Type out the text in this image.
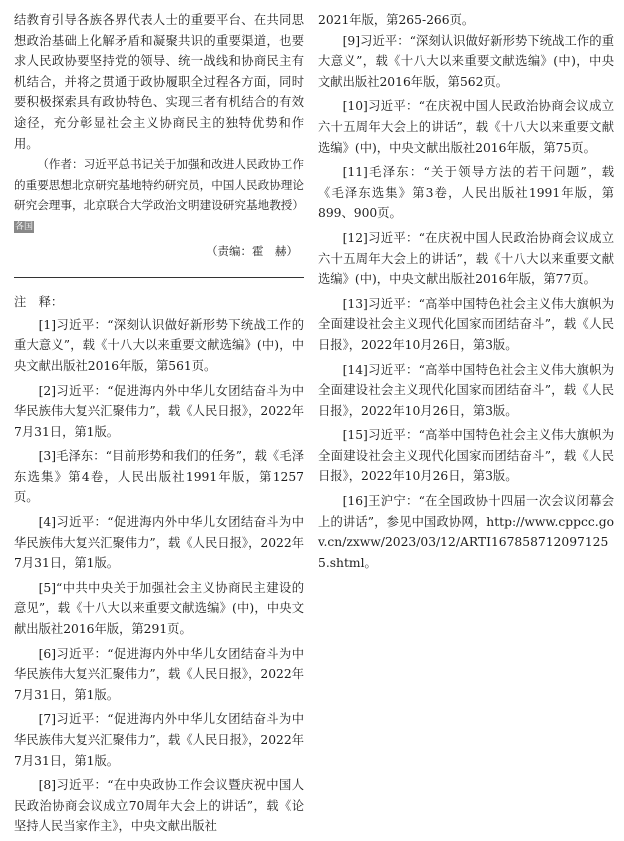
结教育引导各族各界代表人士的重要平台、在共同思想政治基础上化解矛盾和凝聚共识的重要渠道，也要求人民政协要坚持党的领导、统一战线和协商民主有机结合，并将之贯通于政协履职全过程各方面，同时要积极探索具有政协特色、实现三者有机结合的有效途径，充分彰显社会主义协商民主的独特优势和作用。

（作者：习近平总书记关于加强和改进人民政协工作的重要思想北京研究基地特约研究员，中国人民政协理论研究会理事，北京联合大学政治文明建设研究基地教授） 各国

（责编：霍　赫）
注　释：

[1]习近平：“深刻认识做好新形势下统战工作的重大意义”，载《十八大以来重要文献选编》(中)，中央文献出版社2016年版，第561页。

[2]习近平：“促进海内外中华儿女团结奋斗为中华民族伟大复兴汇聚伟力”，载《人民日报》，2022年7月31日，第1版。

[3]毛泽东：“目前形势和我们的任务”，载《毛泽东选集》第4卷，人民出版社1991年版，第1257页。

[4]习近平：“促进海内外中华儿女团结奋斗为中华民族伟大复兴汇聚伟力”，载《人民日报》，2022年7月31日，第1版。

[5]“中共中央关于加强社会主义协商民主建设的意见”，载《十八大以来重要文献选编》(中)，中央文献出版社2016年版，第291页。

[6]习近平：“促进海内外中华儿女团结奋斗为中华民族伟大复兴汇聚伟力”，载《人民日报》，2022年7月31日，第1版。

[7]习近平：“促进海内外中华儿女团结奋斗为中华民族伟大复兴汇聚伟力”，载《人民日报》，2022年7月31日，第1版。

[8]习近平：“在中央政协工作会议暨庆祝中国人民政治协商会议成立70周年大会上的讲话”，载《论坚持人民当家作主》，中央文献出版社

2021年版，第265-266页。

[9]习近平：“深刻认识做好新形势下统战工作的重大意义”，载《十八大以来重要文献选编》(中)，中央文献出版社2016年版，第562页。

[10]习近平：“在庆祝中国人民政治协商会议成立六十五周年大会上的讲话”，载《十八大以来重要文献选编》(中)，中央文献出版社2016年版，第75页。

[11]毛泽东：“关于领导方法的若干问题”，载《毛泽东选集》第3卷，人民出版社1991年版，第899、900页。

[12]习近平：“在庆祝中国人民政治协商会议成立六十五周年大会上的讲话”，载《十八大以来重要文献选编》(中)，中央文献出版社2016年版，第77页。

[13]习近平：“高举中国特色社会主义伟大旗帜为全面建设社会主义现代化国家而团结奋斗”，载《人民日报》，2022年10月26日，第3版。

[14]习近平：“高举中国特色社会主义伟大旗帜为全面建设社会主义现代化国家而团结奋斗”，载《人民日报》，2022年10月26日，第3版。

[15]习近平：“高举中国特色社会主义伟大旗帜为全面建设社会主义现代化国家而团结奋斗”，载《人民日报》，2022年10月26日，第3版。

[16]王沪宁：“在全国政协十四届一次会议闭幕会上的讲话”，参见中国政协网，http://www.cppcc.gov.cn/zxww/2023/03/12/ARTI1678587120971255.shtml。
